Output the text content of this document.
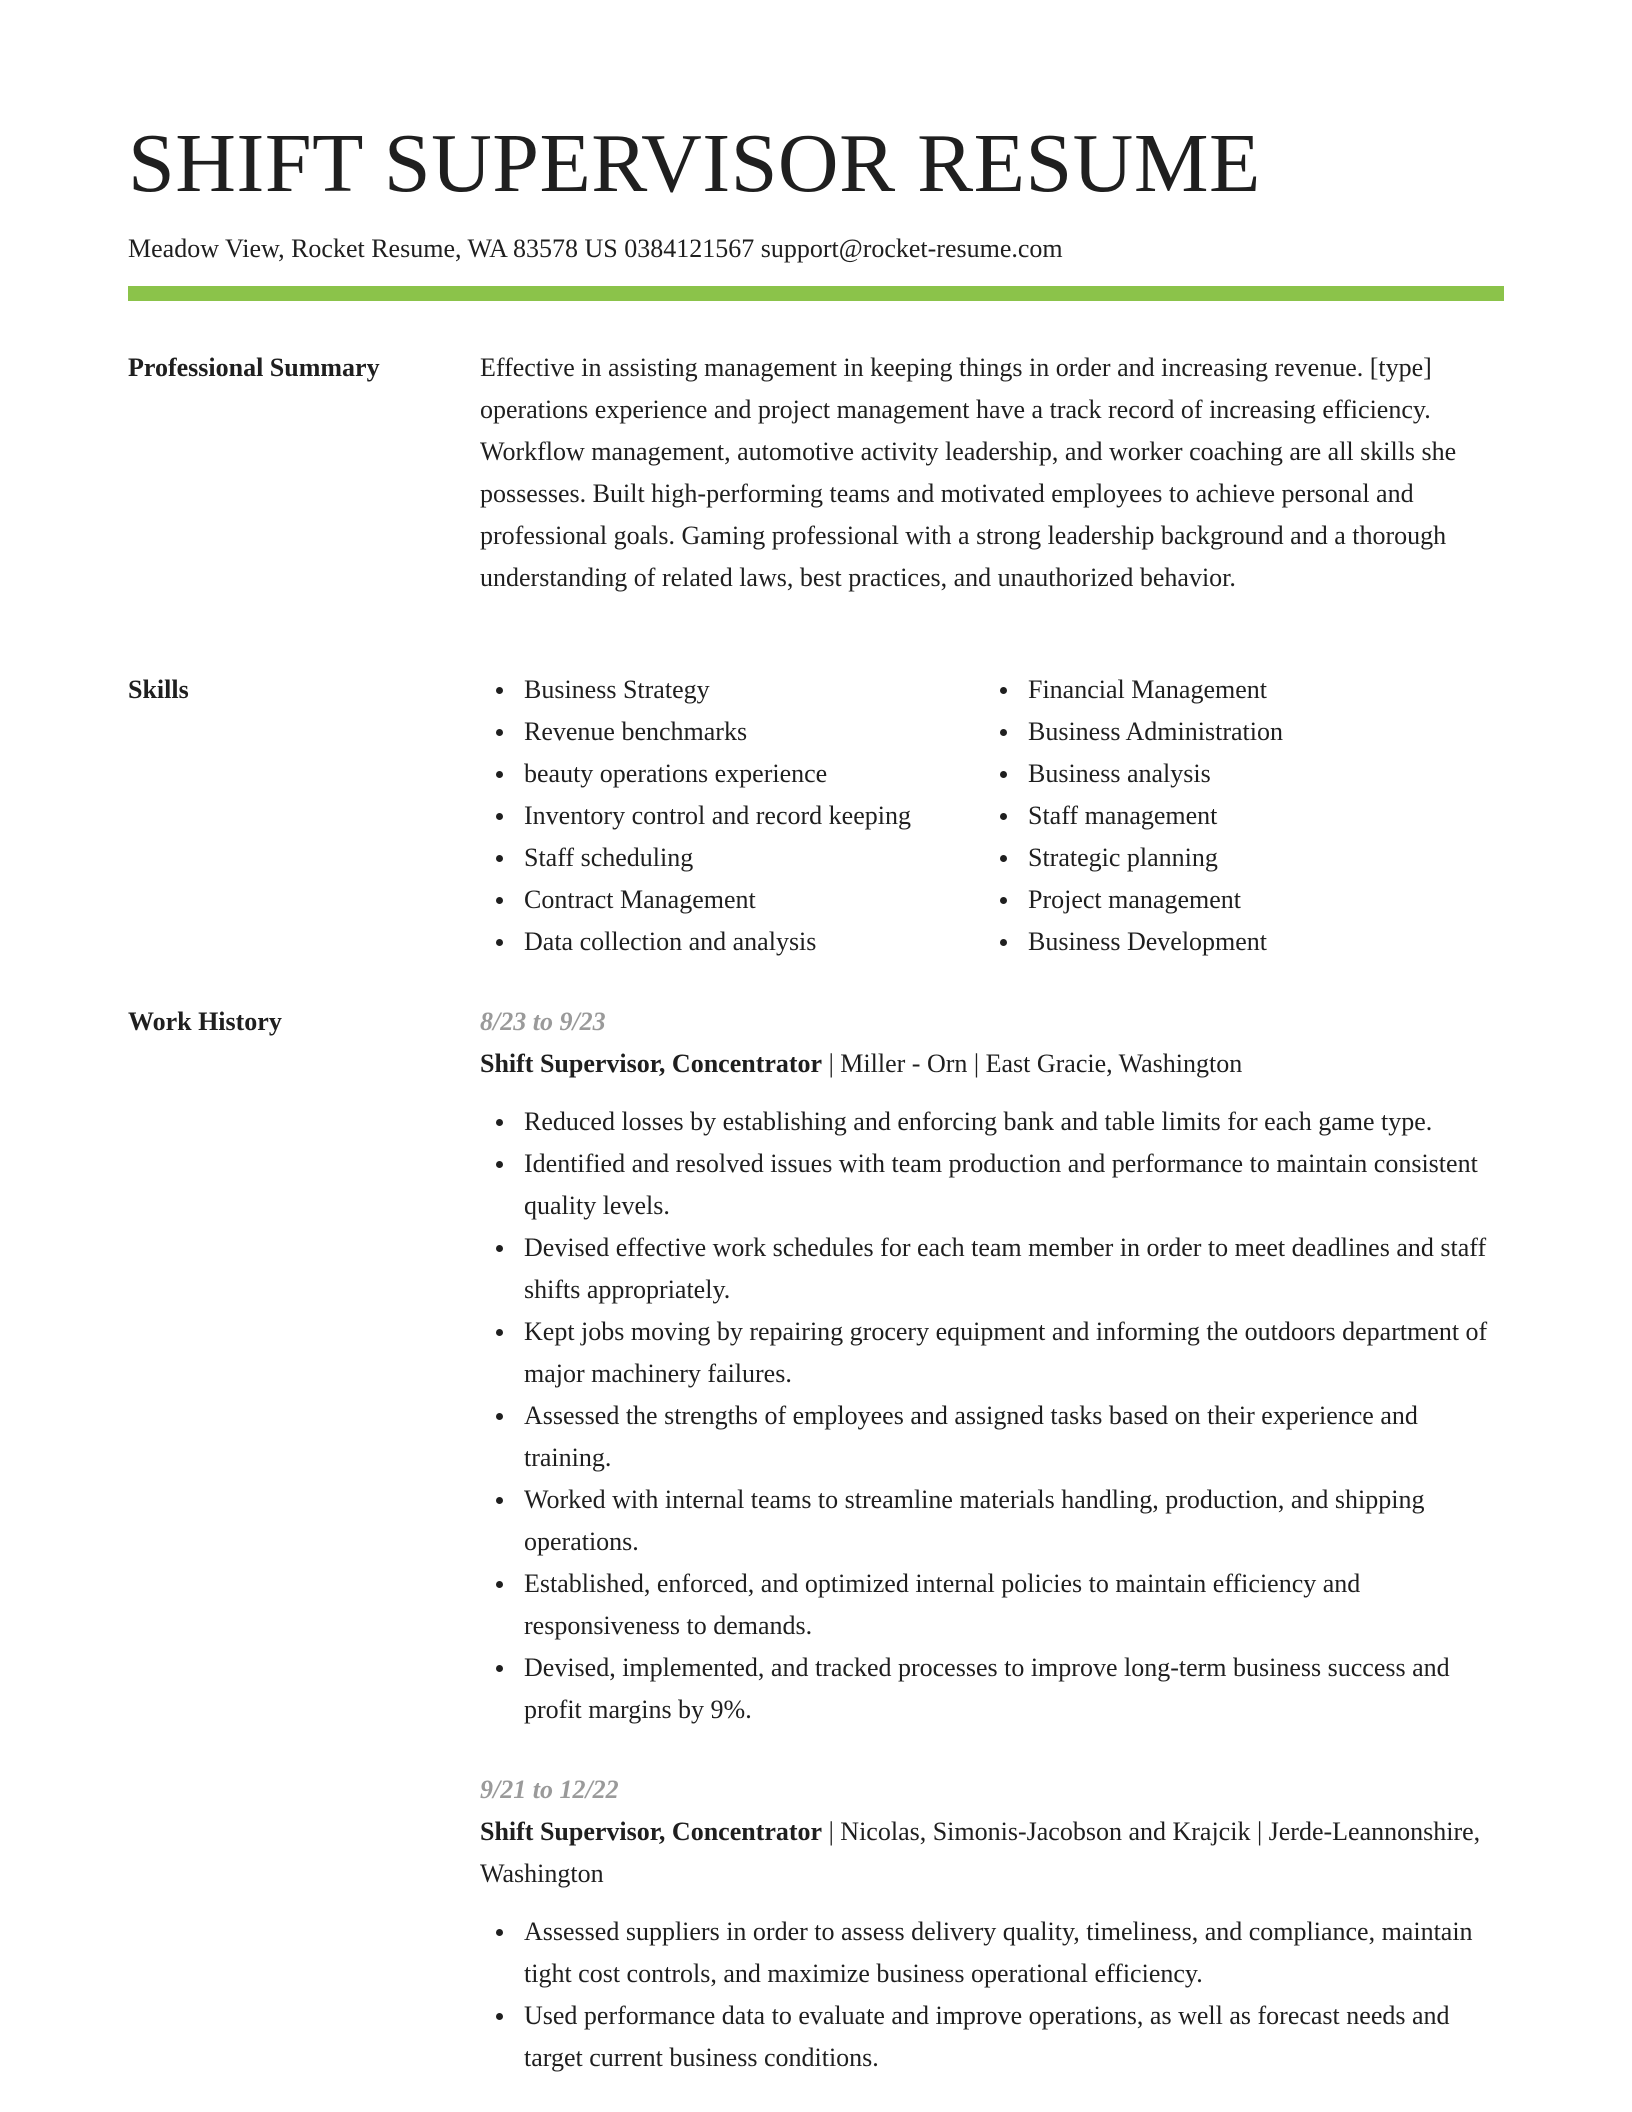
SHIFT SUPERVISOR RESUME
Meadow View, Rocket Resume, WA 83578 US 0384121567 support@rocket-resume.com
Professional Summary	Effective in assisting management in keeping things in order and increasing revenue. [type] operations experience and project management have a track record of increasing efficiency. Workflow management, automotive activity leadership, and worker coaching are all skills she possesses. Built high-performing teams and motivated employees to achieve personal and professional goals. Gaming professional with a strong leadership background and a thorough understanding of related laws, best practices, and unauthorized behavior.

Skills	Business Strategy
Revenue benchmarks
beauty operations experience
Inventory control and record keeping
Staff scheduling
Contract Management
Data collection and analysis
Financial Management
Business Administration
Business analysis
Staff management
Strategic planning
Project management
Business Development
Work History	8/23 to 9/23
Shift Supervisor, Concentrator | Miller - Orn | East Gracie, Washington
Reduced losses by establishing and enforcing bank and table limits for each game type.
Identified and resolved issues with team production and performance to maintain consistent quality levels.
Devised effective work schedules for each team member in order to meet deadlines and staff shifts appropriately.
Kept jobs moving by repairing grocery equipment and informing the outdoors department of major machinery failures.
Assessed the strengths of employees and assigned tasks based on their experience and training.
Worked with internal teams to streamline materials handling, production, and shipping operations.
Established, enforced, and optimized internal policies to maintain efficiency and responsiveness to demands.
Devised, implemented, and tracked processes to improve long-term business success and profit margins by 9%.
9/21 to 12/22
Shift Supervisor, Concentrator | Nicolas, Simonis-Jacobson and Krajcik | Jerde-Leannonshire, Washington
Assessed suppliers in order to assess delivery quality, timeliness, and compliance, maintain tight cost controls, and maximize business operational efficiency.
Used performance data to evaluate and improve operations, as well as forecast needs and target current business conditions.
